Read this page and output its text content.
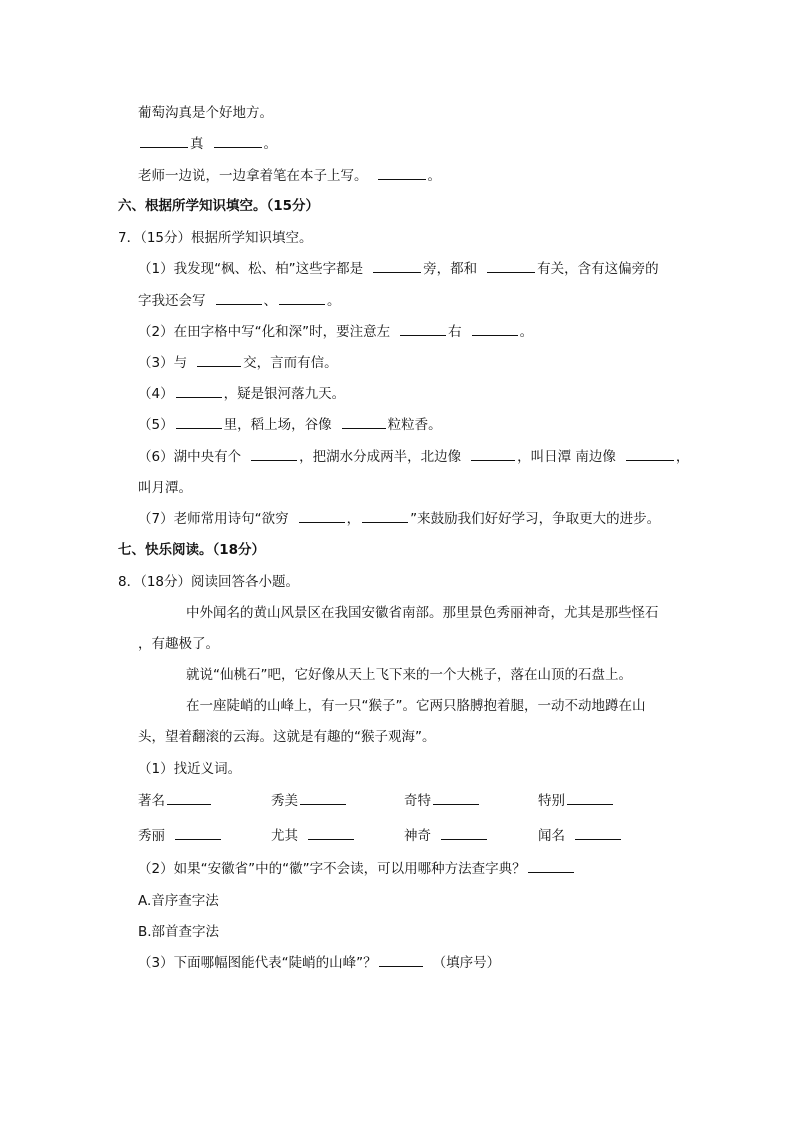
葡萄沟真是个好地方。
真	。
老师一边说，一边拿着笔在本子上写。	。
六、根据所学知识填空。（15分）
7．（15分）根据所学知识填空。
（1）我发现“枫、松、柏”这些字都是	旁，都和	有关，含有这偏旁的
字我还会写	、	。
（2）在田字格中写“化和深”时，要注意左	右	。
（3）与	交，言而有信。
（4）	，疑是银河落九天。
（5）	里，稻上场，谷像	粒粒香。
（6）湖中央有个	，把湖水分成两半，北边像	，叫日潭 南边像	，
叫月潭。
（7）老师常用诗句“欲穷	，	”来鼓励我们好好学习，争取更大的进步。
七、快乐阅读。（18分）
8．（18分）阅读回答各小题。
中外闻名的黄山风景区在我国安徽省南部。那里景色秀丽神奇，尤其是那些怪石
，有趣极了。
就说“仙桃石”吧，它好像从天上飞下来的一个大桃子，落在山顶的石盘上。
在一座陡峭的山峰上，有一只“猴子”。它两只胳膊抱着腿，一动不动地蹲在山
头，望着翻滚的云海。这就是有趣的“猴子观海”。
（1）找近义词。
著名	秀美	奇特	特别
秀丽	尤其	神奇	闻名
（2）如果“安徽省”中的“徽”字不会读，可以用哪种方法查字典？
A.音序查字法
B.部首查字法
（3）下面哪幅图能代表“陡峭的山峰”？	（填序号）
